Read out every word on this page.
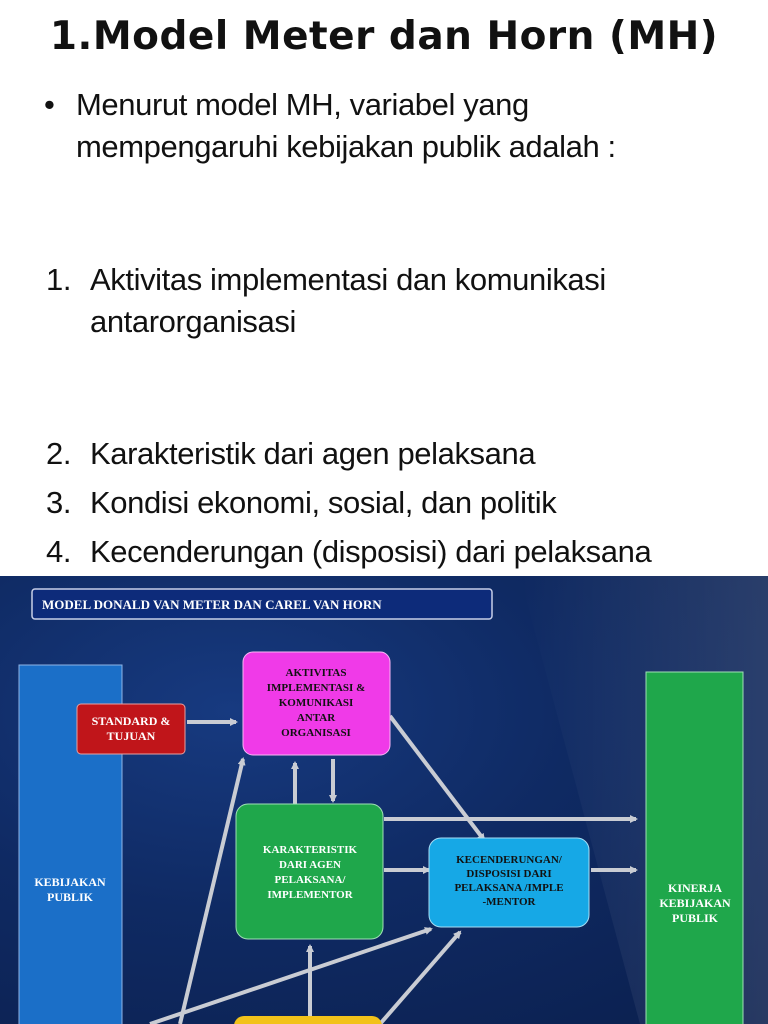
1.Model Meter dan Horn (MH)
• Menurut model MH, variabel yang
mempengaruhi kebijakan publik adalah :
1. Aktivitas implementasi dan komunikasi
antarorganisasi
2. Karakteristik dari agen pelaksana
3. Kondisi ekonomi, sosial, dan politik
4. Kecenderungan (disposisi) dari pelaksana
MODEL DONALD VAN METER DAN CAREL VAN HORN
KEBIJAKAN
PUBLIK
STANDARD &
TUJUAN
AKTIVITAS
IMPLEMENTASI &
KOMUNIKASI
ANTAR
ORGANISASI
KARAKTERISTIK
DARI AGEN
PELAKSANA/
IMPLEMENTOR
KECENDERUNGAN/
DISPOSISI DARI
PELAKSANA /IMPLE
-MENTOR
KINERJA
KEBIJAKAN
PUBLIK
